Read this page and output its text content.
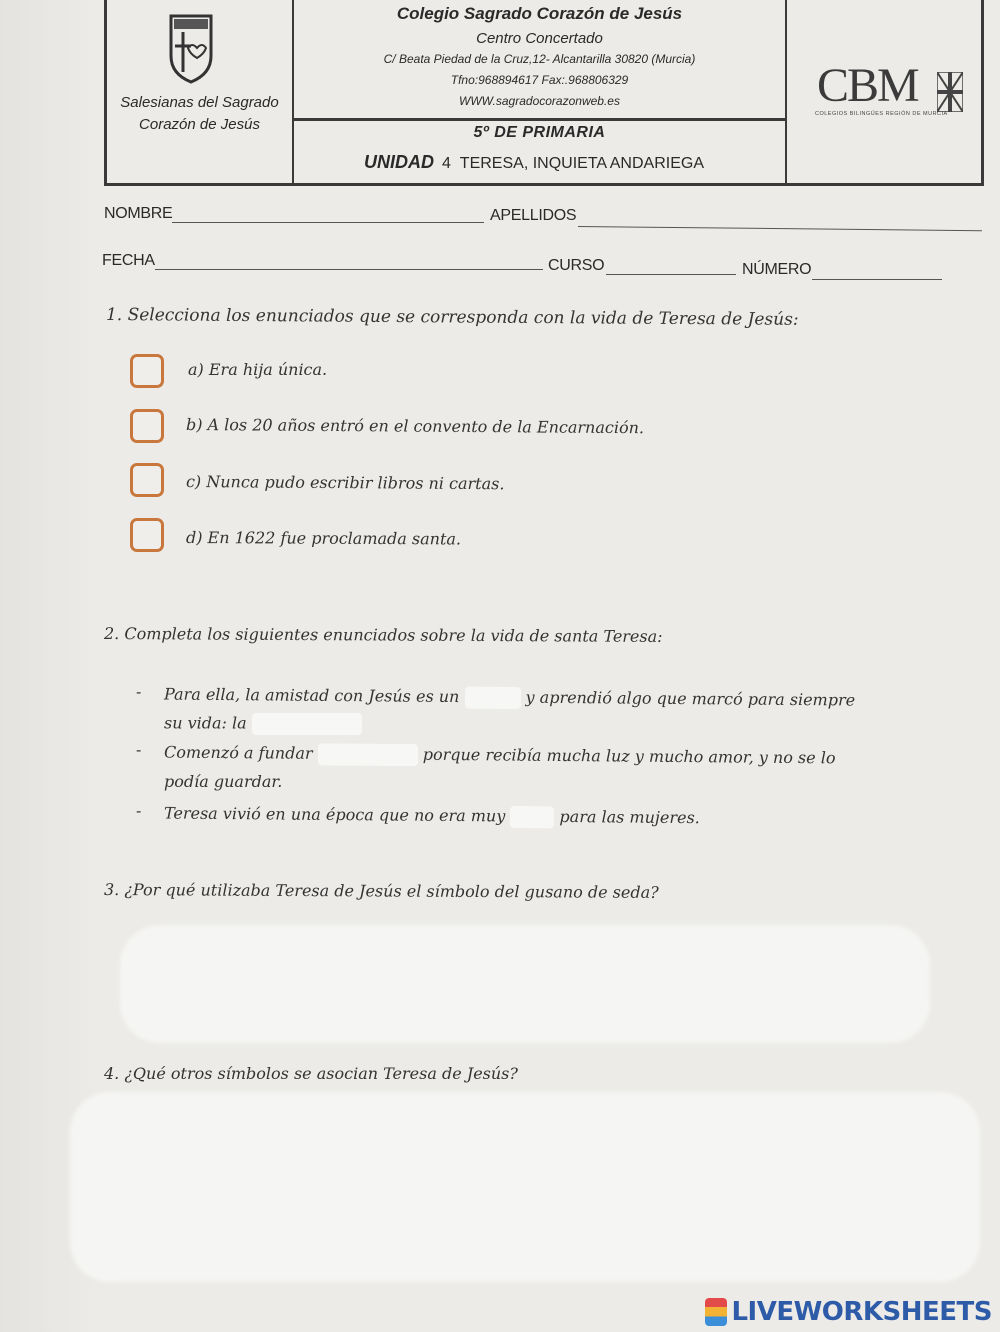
Salesianas del Sagrado Corazón de Jesús
Colegio Sagrado Corazón de Jesús
Centro Concertado
C/ Beata Piedad de la Cruz,12- Alcantarilla 30820 (Murcia)
Tfno:968894617 Fax:.968806329
WWW.sagradocorazonweb.es
5º DE PRIMARIA
UNIDAD 4 TERESA, INQUIETA ANDARIEGA
CBM
COLEGIOS BILINGÜES REGIÓN DE MURCIA
NOMBRE	APELLIDOS
FECHA	CURSO	NÚMERO
1. Selecciona los enunciados que se corresponda con la vida de Teresa de Jesús:
a) Era hija única.
b) A los 20 años entró en el convento de la Encarnación.
c) Nunca pudo escribir libros ni cartas.
d) En 1622 fue proclamada santa.
2. Completa los siguientes enunciados sobre la vida de santa Teresa:
- Para ella, la amistad con Jesús es un	y aprendió algo que marcó para siempre
su vida: la
- Comenzó a fundar	porque recibía mucha luz y mucho amor, y no se lo
podía guardar.
- Teresa vivió en una época que no era muy	para las mujeres.
3. ¿Por qué utilizaba Teresa de Jesús el símbolo del gusano de seda?
4. ¿Qué otros símbolos se asocian Teresa de Jesús?
LIVEWORKSHEETS
